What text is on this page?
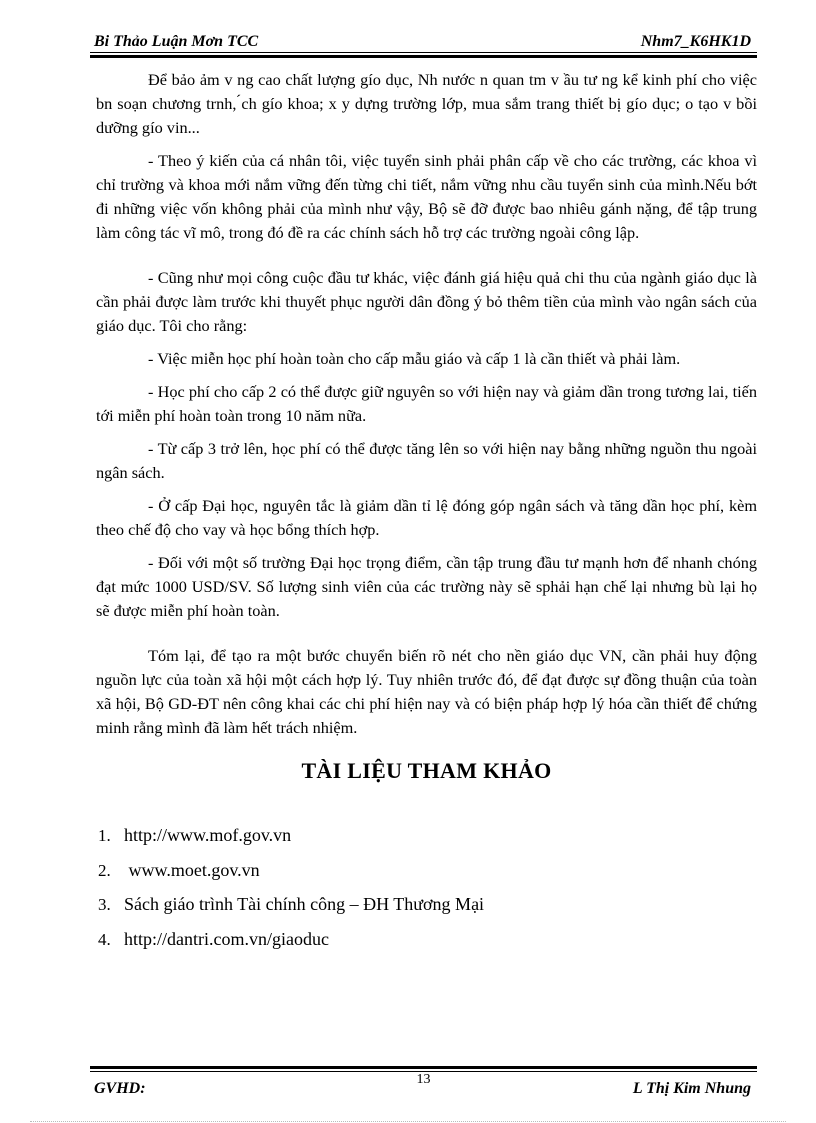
Bi Thảo Luận Mơn TCC	Nhm7_K6HK1D

Để bảo ảm v ng cao chất lượng gío dục, Nh nước n quan tm v ầu tư ng kể kinh phí cho việc bn soạn chương trnh, ́ch gío khoa; x y dựng trường lớp, mua sắm trang thiết bị gío dục; o tạo v bồi dưỡng gío vin...

- Theo ý kiến của cá nhân tôi, việc tuyển sinh phải phân cấp về cho các trường, các khoa vì chỉ trường và khoa mới nắm vững đến từng chi tiết, nắm vững nhu cầu tuyển sinh của mình.Nếu bớt đi những việc vốn không phải của mình như vậy, Bộ sẽ đỡ được bao nhiêu gánh nặng, để tập trung làm công tác vĩ mô, trong đó đề ra các chính sách hỗ trợ các trường ngoài công lập.

- Cũng như mọi công cuộc đầu tư khác, việc đánh giá hiệu quả chi thu của ngành giáo dục là cần phải được làm trước khi thuyết phục người dân đồng ý bỏ thêm tiền của mình vào ngân sách của giáo dục. Tôi cho rằng:

- Việc miễn học phí hoàn toàn cho cấp mẫu giáo và cấp 1 là cần thiết và phải làm.

- Học phí cho cấp 2 có thể được giữ nguyên so với hiện nay và giảm dần trong tương lai, tiến tới miễn phí hoàn toàn trong 10 năm nữa.

- Từ cấp 3 trở lên, học phí có thể được tăng lên so với hiện nay bằng những nguồn thu ngoài ngân sách.

- Ở cấp Đại học, nguyên tắc là giảm dần tỉ lệ đóng góp ngân sách và tăng dần học phí, kèm theo chế độ cho vay và học bổng thích hợp.

- Đối với một số trường Đại học trọng điểm, cần tập trung đầu tư mạnh hơn để nhanh chóng đạt mức 1000 USD/SV. Số lượng sinh viên của các trường này sẽ sphải hạn chế lại nhưng bù lại họ sẽ được miễn phí hoàn toàn.

Tóm lại, để tạo ra một bước chuyển biến rõ nét cho nền giáo dục VN, cần phải huy động nguồn lực của toàn xã hội một cách hợp lý. Tuy nhiên trước đó, để đạt được sự đồng thuận của toàn xã hội, Bộ GD-ĐT nên công khai các chi phí hiện nay và có biện pháp hợp lý hóa cần thiết để chứng minh rằng mình đã làm hết trách nhiệm.

TÀI LIỆU THAM KHẢO
1. http://www.mof.gov.vn
2. www.moet.gov.vn
3. Sách giáo trình Tài chính công – ĐH Thương Mại
4. http://dantri.com.vn/giaoduc
GVHD:
13
L Thị Kim Nhung
